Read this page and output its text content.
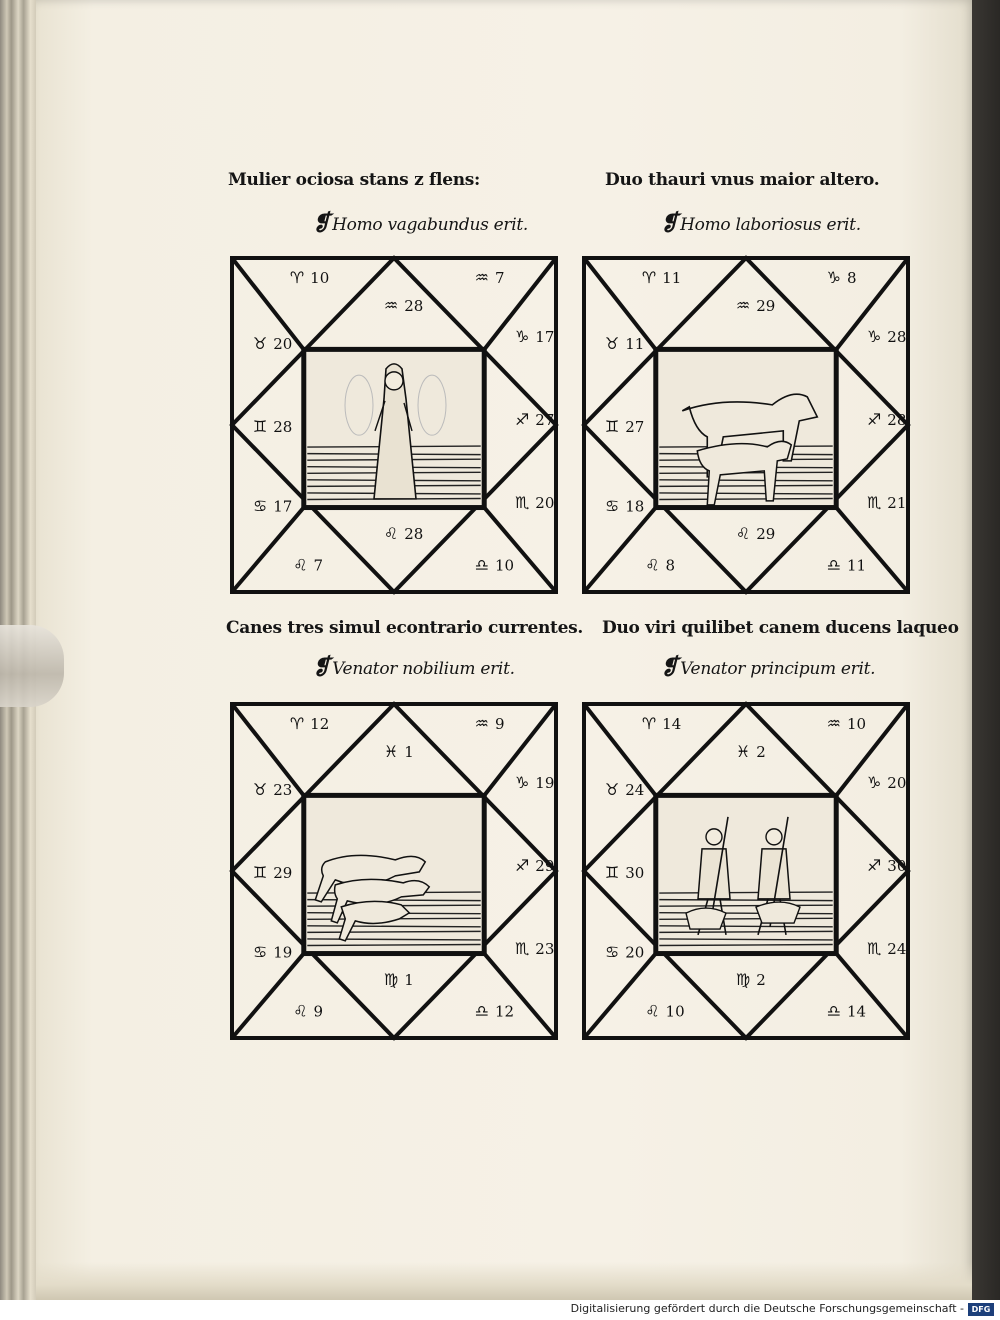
Mulier ociosa stans z flens:
❡ Homo vagabundus erit.
Duo thauri vnus maior altero.
❡ Homo laboriosus erit.
Canes tres simul econtrario currentes.
❡ Venator nobilium erit.
Duo viri quilibet canem ducens laqueo
❡ Venator principum erit.
♈ 10	♒ 7
♒ 28
♑ 17
♉ 20
♐ 27
♊ 28
♏ 20
♋ 17
♌ 28
♌ 7	♎ 10
♈ 11	♑ 8
♒ 29
♑ 28
♉ 11
♐ 28
♊ 27
♏ 21
♋ 18
♌ 29
♌ 8	♎ 11
♈ 12	♒ 9
♓ 1
♑ 19
♉ 23
♐ 29
♊ 29
♏ 23
♋ 19
♍ 1
♌ 9	♎ 12
♈ 14	♒ 10
♓ 2
♑ 20
♉ 24
♐ 30
♊ 30
♏ 24
♋ 20
♍ 2
♌ 10	♎ 14
Digitalisierung gefördert durch die Deutsche Forschungsgemeinschaft - DFG
